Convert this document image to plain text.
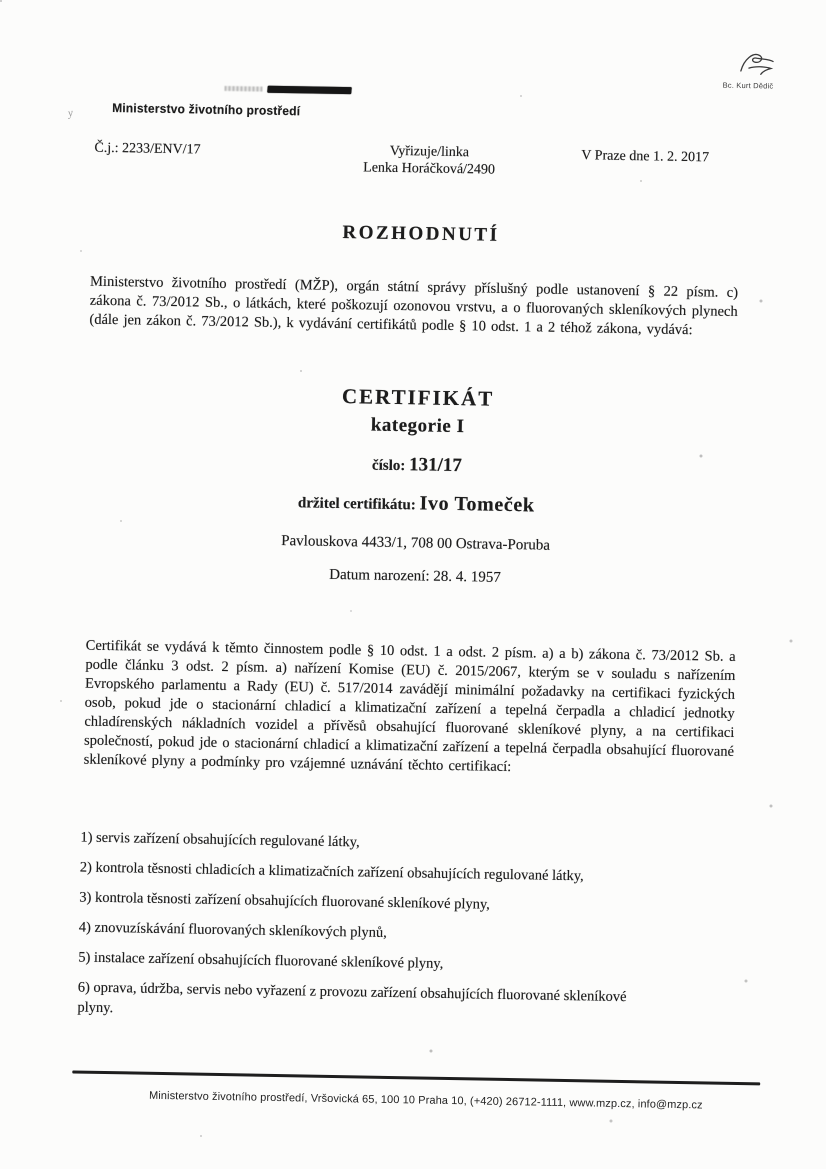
Ministerstvo životního prostředí
y
Bc. Kurt Dědič
Č.j.: 2233/ENV/17	Vyřizuje/linka
Lenka Horáčková/2490
V Praze dne 1. 2. 2017
ROZHODNUTÍ

Ministerstvo životního prostředí (MŽP), orgán státní správy příslušný podle ustanovení § 22 písm. c) zákona č. 73/2012 Sb., o látkách, které poškozují ozonovou vrstvu, a o fluorovaných skleníkových plynech (dále jen zákon č. 73/2012 Sb.), k vydávání certifikátů podle § 10 odst. 1 a 2 téhož zákona, vydává:

CERTIFIKÁT
kategorie I
číslo: 131/17
držitel certifikátu: Ivo Tomeček
Pavlouskova 4433/1, 708 00 Ostrava-Poruba
Datum narození: 28. 4. 1957

Certifikát se vydává k těmto činnostem podle § 10 odst. 1 a odst. 2 písm. a) a b) zákona č. 73/2012 Sb. a podle článku 3 odst. 2 písm. a) nařízení Komise (EU) č. 2015/2067, kterým se v souladu s nařízením Evropského parlamentu a Rady (EU) č. 517/2014 zavádějí minimální požadavky na certifikaci fyzických osob, pokud jde o stacionární chladicí a klimatizační zařízení a tepelná čerpadla a chladicí jednotky chladírenských nákladních vozidel a přívěsů obsahující fluorované skleníkové plyny, a na certifikaci společností, pokud jde o stacionární chladicí a klimatizační zařízení a tepelná čerpadla obsahující fluorované skleníkové plyny a podmínky pro vzájemné uznávání těchto certifikací:

1) servis zařízení obsahujících regulované látky,

2) kontrola těsnosti chladicích a klimatizačních zařízení obsahujících regulované látky,

3) kontrola těsnosti zařízení obsahujících fluorované skleníkové plyny,

4) znovuzískávání fluorovaných skleníkových plynů,

5) instalace zařízení obsahujících fluorované skleníkové plyny,

6) oprava, údržba, servis nebo vyřazení z provozu zařízení obsahujících fluorované skleníkové plyny.

Ministerstvo životního prostředí, Vršovická 65, 100 10 Praha 10, (+420) 26712-1111, www.mzp.cz, info@mzp.cz
